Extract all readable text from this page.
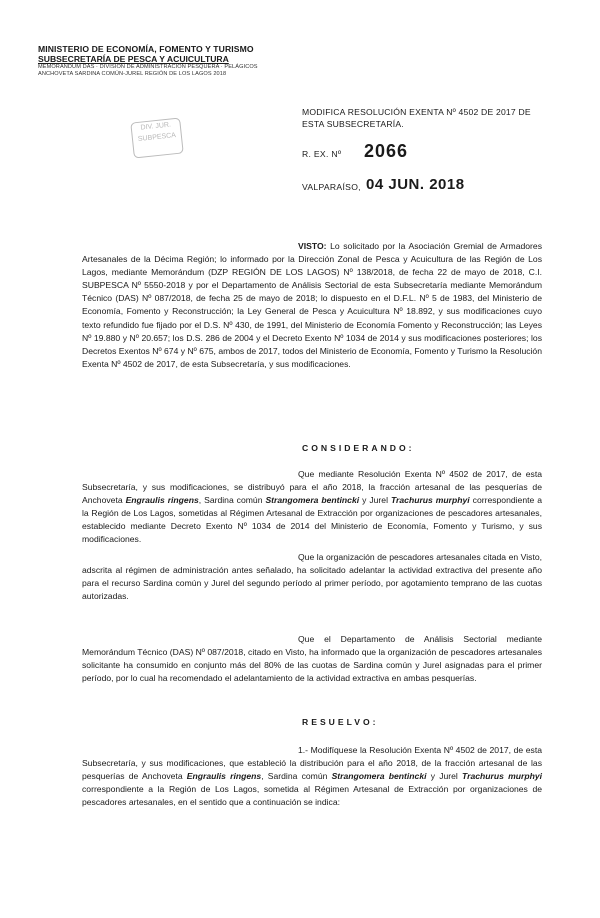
MINISTERIO DE ECONOMÍA, FOMENTO Y TURISMO
SUBSECRETARÍA DE PESCA Y ACUICULTURA
MEMORÁNDUM DAS · DIVISIÓN DE ADMINISTRACIÓN PESQUERA · PELÁGICOS
ANCHOVETA SARDINA COMÚN-JUREL REGIÓN DE LOS LAGOS 2018
DIV. JUR.
SUBPESCA
MODIFICA RESOLUCIÓN EXENTA Nº 4502 DE 2017 DE ESTA SUBSECRETARÍA.
R. EX. Nº 2066
VALPARAÍSO, 04 JUN. 2018
VISTO: Lo solicitado por la Asociación Gremial de Armadores Artesanales de la Décima Región; lo informado por la Dirección Zonal de Pesca y Acuicultura de las Región de Los Lagos, mediante Memorándum (DZP REGIÓN DE LOS LAGOS) Nº 138/2018, de fecha 22 de mayo de 2018, C.I. SUBPESCA Nº 5550-2018 y por el Departamento de Análisis Sectorial de esta Subsecretaría mediante Memorándum Técnico (DAS) Nº 087/2018, de fecha 25 de mayo de 2018; lo dispuesto en el D.F.L. Nº 5 de 1983, del Ministerio de Economía, Fomento y Reconstrucción; la Ley General de Pesca y Acuicultura Nº 18.892, y sus modificaciones cuyo texto refundido fue fijado por el D.S. Nº 430, de 1991, del Ministerio de Economía Fomento y Reconstrucción; las Leyes Nº 19.880 y Nº 20.657; los D.S. 286 de 2004 y el Decreto Exento Nº 1034 de 2014 y sus modificaciones posteriores; los Decretos Exentos Nº 674 y Nº 675, ambos de 2017, todos del Ministerio de Economía, Fomento y Turismo la Resolución Exenta Nº 4502 de 2017, de esta Subsecretaría, y sus modificaciones.
CONSIDERANDO:
Que mediante Resolución Exenta Nº 4502 de 2017, de esta Subsecretaría, y sus modificaciones, se distribuyó para el año 2018, la fracción artesanal de las pesquerías de Anchoveta Engraulis ringens, Sardina común Strangomera bentincki y Jurel Trachurus murphyi correspondiente a la Región de Los Lagos, sometidas al Régimen Artesanal de Extracción por organizaciones de pescadores artesanales, establecido mediante Decreto Exento Nº 1034 de 2014 del Ministerio de Economía, Fomento y Turismo, y sus modificaciones.
Que la organización de pescadores artesanales citada en Visto, adscrita al régimen de administración antes señalado, ha solicitado adelantar la actividad extractiva del presente año para el recurso Sardina común y Jurel del segundo período al primer período, por agotamiento temprano de las cuotas autorizadas.
Que el Departamento de Análisis Sectorial mediante Memorándum Técnico (DAS) Nº 087/2018, citado en Visto, ha informado que la organización de pescadores artesanales solicitante ha consumido en conjunto más del 80% de las cuotas de Sardina común y Jurel asignadas para el primer período, por lo cual ha recomendado el adelantamiento de la actividad extractiva en ambas pesquerías.
RESUELVO:
1.- Modifíquese la Resolución Exenta Nº 4502 de 2017, de esta Subsecretaría, y sus modificaciones, que estableció la distribución para el año 2018, de la fracción artesanal de las pesquerías de Anchoveta Engraulis ringens, Sardina común Strangomera bentincki y Jurel Trachurus murphyi correspondiente a la Región de Los Lagos, sometida al Régimen Artesanal de Extracción por organizaciones de pescadores artesanales, en el sentido que a continuación se indica:
